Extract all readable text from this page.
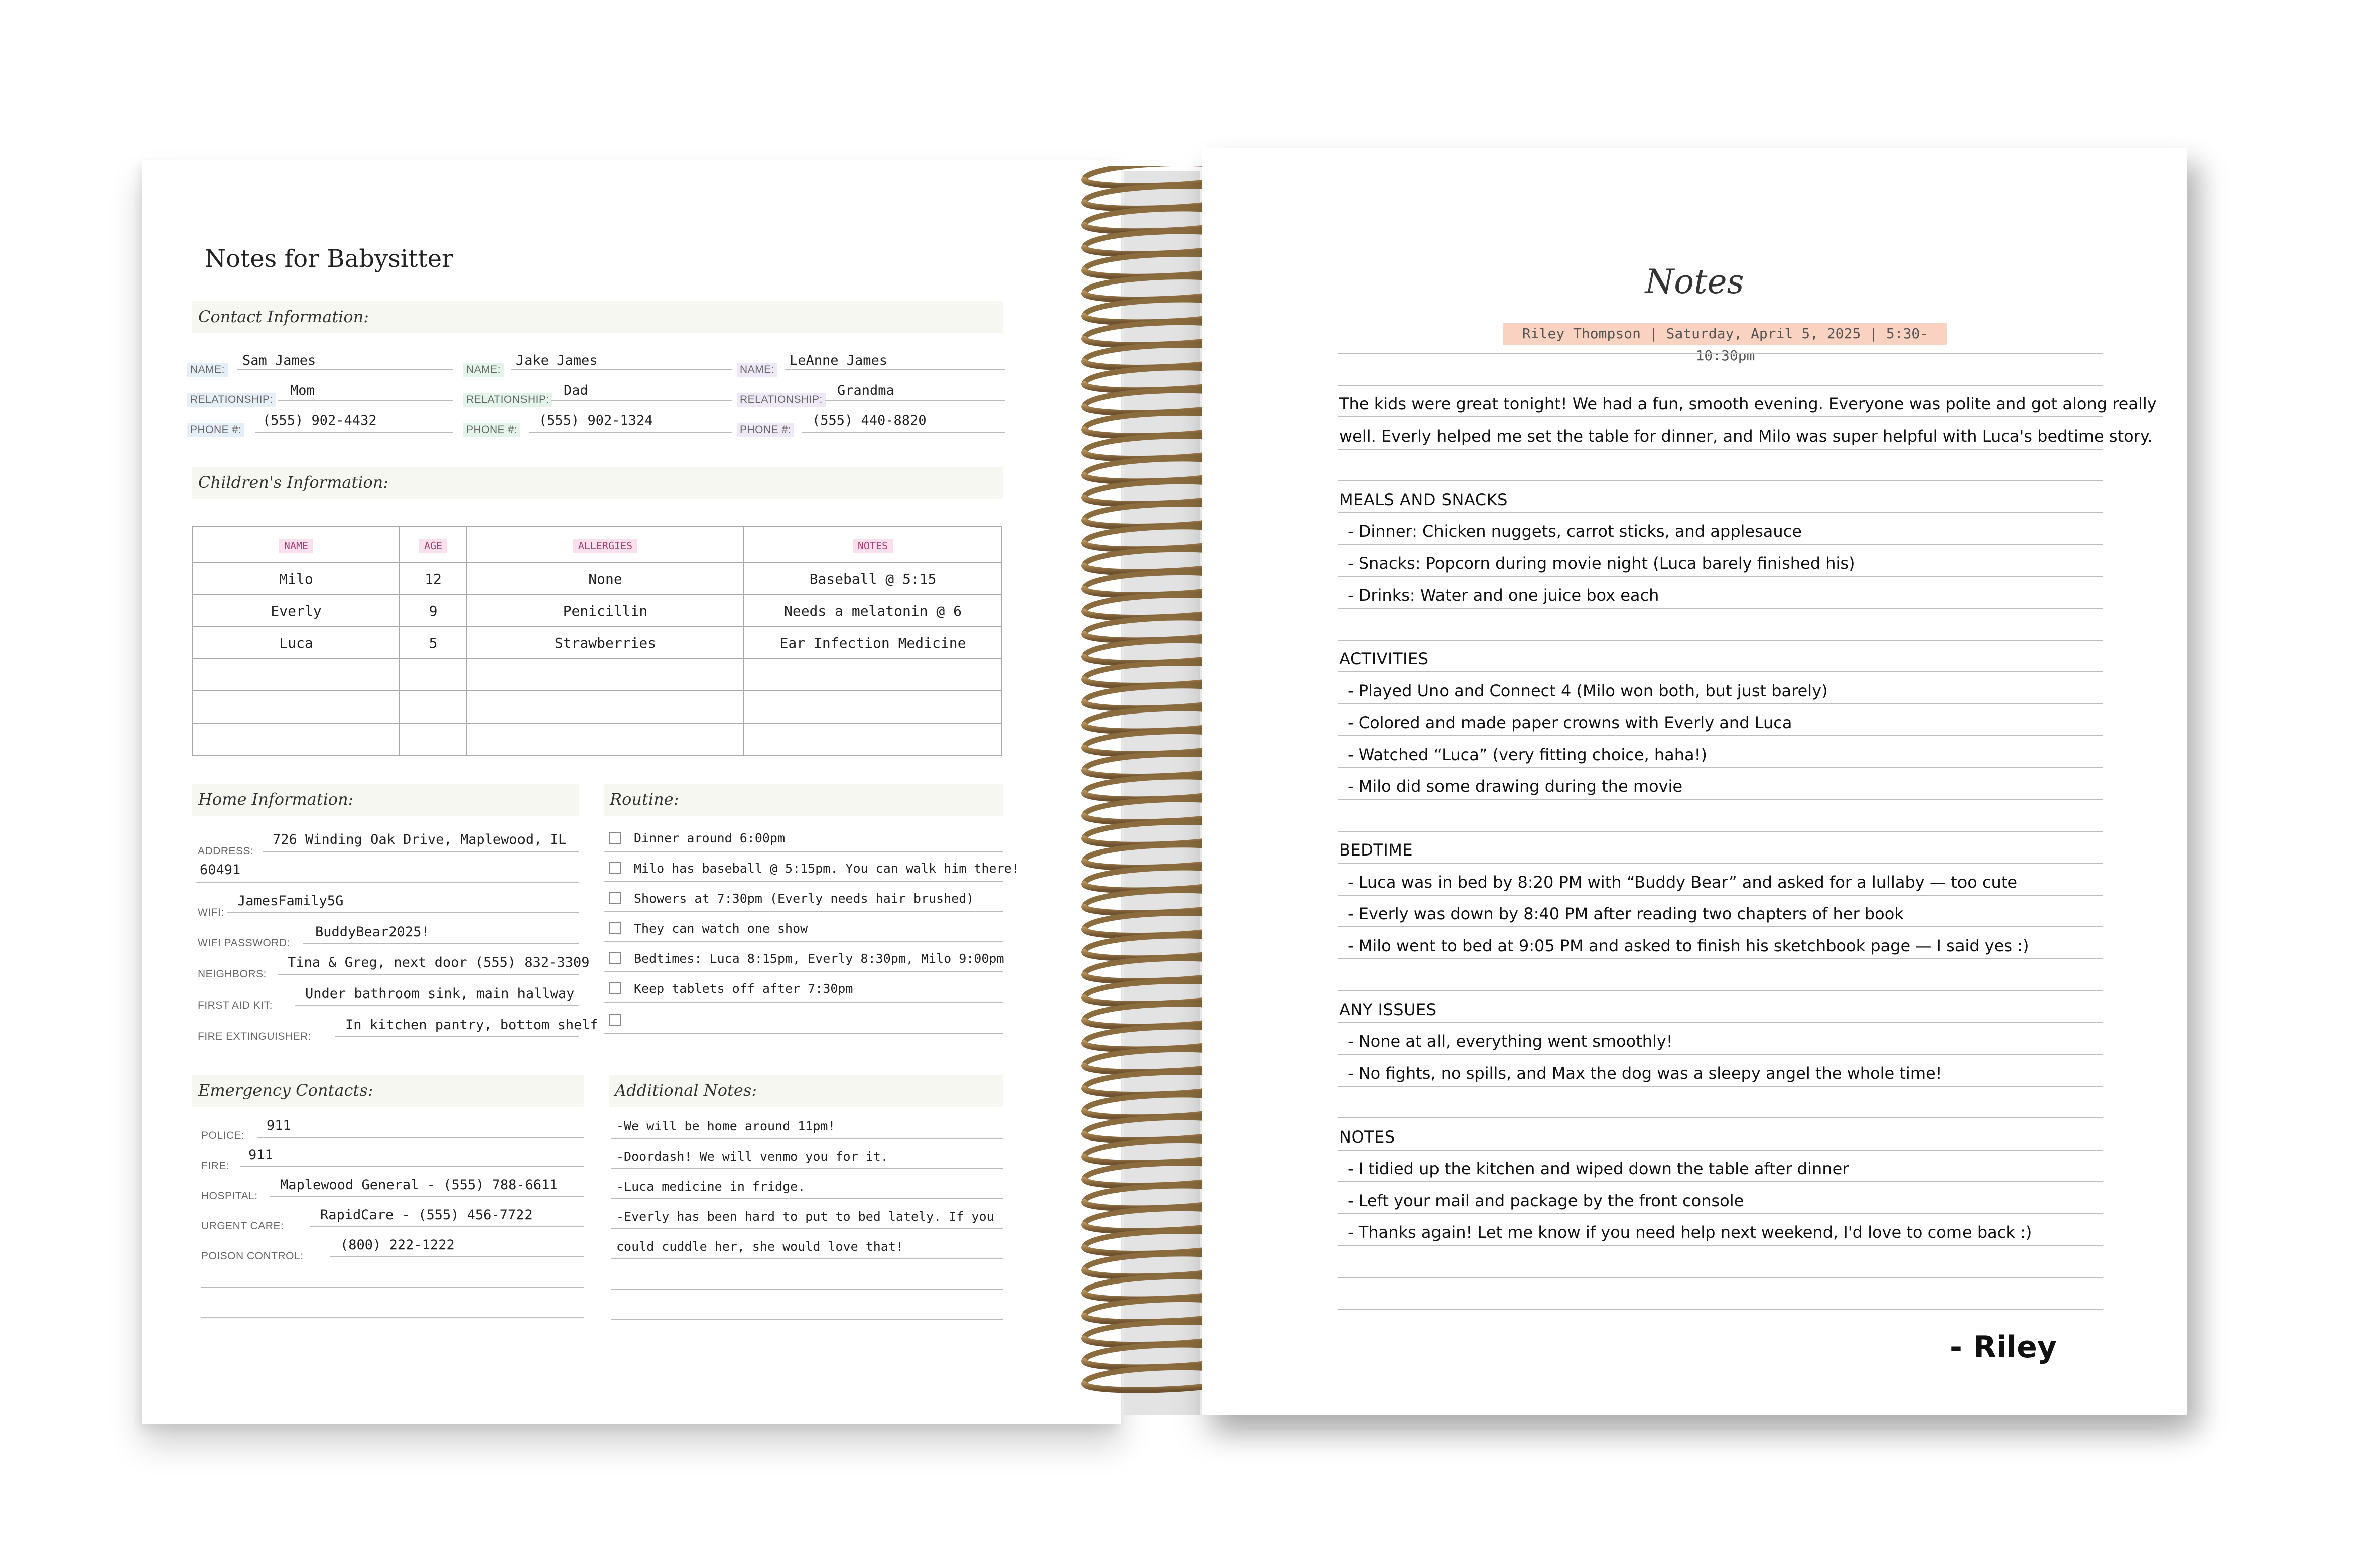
Notes for Babysitter
Contact Information:
NAME:
Sam James
RELATIONSHIP:
Mom
PHONE #:
(555) 902-4432
NAME:
Jake James
RELATIONSHIP:
Dad
PHONE #:
(555) 902-1324
NAME:
LeAnne James
RELATIONSHIP:
Grandma
PHONE #:
(555) 440-8820
Children's Information:
NAME	AGE	ALLERGIES	NOTES
Milo	12	None	Baseball @ 5:15
Everly	9	Penicillin	Needs a melatonin @ 6
Luca	5	Strawberries	Ear Infection Medicine

Home Information:
ADDRESS:
726 Winding Oak Drive, Maplewood, IL
60491
WIFI:
JamesFamily5G
WIFI PASSWORD:
BuddyBear2025!
NEIGHBORS:
Tina & Greg, next door (555) 832-3309
FIRST AID KIT:
Under bathroom sink, main hallway
FIRE EXTINGUISHER:
In kitchen pantry, bottom shelf
Routine:
Dinner around 6:00pm
Milo has baseball @ 5:15pm. You can walk him there!
Showers at 7:30pm (Everly needs hair brushed)
They can watch one show
Bedtimes: Luca 8:15pm, Everly 8:30pm, Milo 9:00pm
Keep tablets off after 7:30pm
Emergency Contacts:
POLICE:
911
FIRE:
911
HOSPITAL:
Maplewood General - (555) 788-6611
URGENT CARE:
RapidCare - (555) 456-7722
POISON CONTROL:
(800) 222-1222
Additional Notes:
-We will be home around 11pm!
-Doordash! We will venmo you for it.
-Luca medicine in fridge.
-Everly has been hard to put to bed lately. If you
could cuddle her, she would love that!
Notes
Riley Thompson | Saturday, April 5, 2025 | 5:30-10:30pm
The kids were great tonight! We had a fun, smooth evening. Everyone was polite and got along really
well. Everly helped me set the table for dinner, and Milo was super helpful with Luca's bedtime story.
MEALS AND SNACKS
- Dinner: Chicken nuggets, carrot sticks, and applesauce
- Snacks: Popcorn during movie night (Luca barely finished his)
- Drinks: Water and one juice box each
ACTIVITIES
- Played Uno and Connect 4 (Milo won both, but just barely)
- Colored and made paper crowns with Everly and Luca
- Watched “Luca” (very fitting choice, haha!)
- Milo did some drawing during the movie
BEDTIME
- Luca was in bed by 8:20 PM with “Buddy Bear” and asked for a lullaby — too cute
- Everly was down by 8:40 PM after reading two chapters of her book
- Milo went to bed at 9:05 PM and asked to finish his sketchbook page — I said yes :)
ANY ISSUES
- None at all, everything went smoothly!
- No fights, no spills, and Max the dog was a sleepy angel the whole time!
NOTES
- I tidied up the kitchen and wiped down the table after dinner
- Left your mail and package by the front console
- Thanks again! Let me know if you need help next weekend, I'd love to come back :)
- Riley
